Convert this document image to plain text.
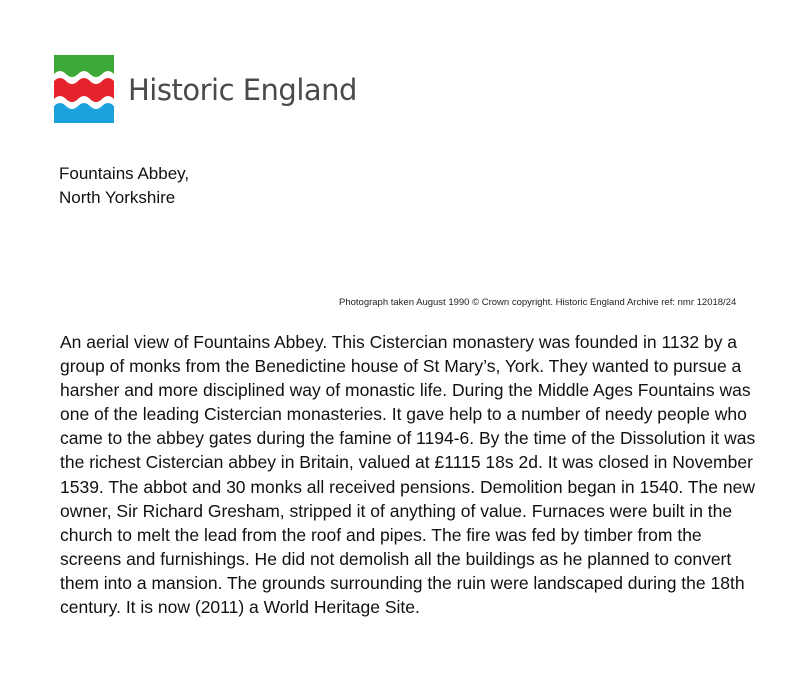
Historic England
Fountains Abbey,
North Yorkshire
Photograph taken August 1990 © Crown copyright. Historic England Archive ref: nmr 12018/24
An aerial view of Fountains Abbey. This Cistercian monastery was founded in 1132 by a group of monks from the Benedictine house of St Mary’s, York. They wanted to pursue a harsher and more disciplined way of monastic life. During the Middle Ages Fountains was one of the leading Cistercian monasteries. It gave help to a number of needy people who came to the abbey gates during the famine of 1194-6. By the time of the Dissolution it was the richest Cistercian abbey in Britain, valued at £1115 18s 2d. It was closed in November 1539. The abbot and 30 monks all received pensions. Demolition began in 1540. The new owner, Sir Richard Gresham, stripped it of anything of value. Furnaces were built in the church to melt the lead from the roof and pipes. The fire was fed by timber from the screens and furnishings. He did not demolish all the buildings as he planned to convert them into a mansion. The grounds surrounding the ruin were landscaped during the 18th century. It is now (2011) a World Heritage Site.
